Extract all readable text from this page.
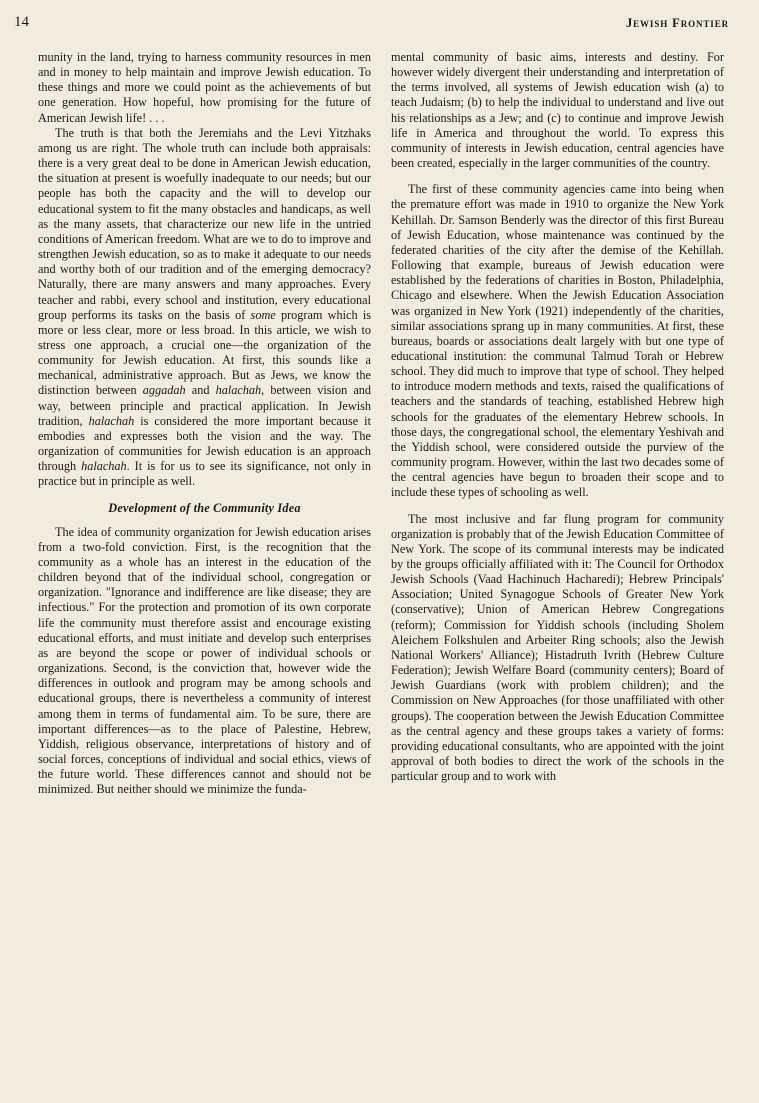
14	Jewish Frontier

munity in the land, trying to harness community resources in men and in money to help maintain and improve Jewish education. To these things and more we could point as the achievements of but one generation. How hopeful, how promising for the future of American Jewish life! . . .

The truth is that both the Jeremiahs and the Levi Yitzhaks among us are right. The whole truth can include both appraisals: there is a very great deal to be done in American Jewish education, the situation at present is woefully inadequate to our needs; but our people has both the capacity and the will to develop our educational system to fit the many obstacles and handicaps, as well as the many assets, that characterize our new life in the untried conditions of American freedom. What are we to do to improve and strengthen Jewish education, so as to make it adequate to our needs and worthy both of our tradition and of the emerging democracy? Naturally, there are many answers and many approaches. Every teacher and rabbi, every school and institution, every educational group performs its tasks on the basis of some program which is more or less clear, more or less broad. In this article, we wish to stress one approach, a crucial one—the organization of the community for Jewish education. At first, this sounds like a mechanical, administrative approach. But as Jews, we know the distinction between aggadah and halachah, between vision and way, between principle and practical application. In Jewish tradition, halachah is considered the more important because it embodies and expresses both the vision and the way. The organization of communities for Jewish education is an approach through halachah. It is for us to see its significance, not only in practice but in principle as well.

Development of the Community Idea

The idea of community organization for Jewish education arises from a two-fold conviction. First, is the recognition that the community as a whole has an interest in the education of the children beyond that of the individual school, congregation or organization. "Ignorance and indifference are like disease; they are infectious." For the protection and promotion of its own corporate life the community must therefore assist and encourage existing educational efforts, and must initiate and develop such enterprises as are beyond the scope or power of individual schools or organizations. Second, is the conviction that, however wide the differences in outlook and program may be among schools and educational groups, there is nevertheless a community of interest among them in terms of fundamental aim. To be sure, there are important differences—as to the place of Palestine, Hebrew, Yiddish, religious observance, interpretations of history and of social forces, conceptions of individual and social ethics, views of the future world. These differences cannot and should not be minimized. But neither should we minimize the funda-

mental community of basic aims, interests and destiny. For however widely divergent their understanding and interpretation of the terms involved, all systems of Jewish education wish (a) to teach Judaism; (b) to help the individual to understand and live out his relationships as a Jew; and (c) to continue and improve Jewish life in America and throughout the world. To express this community of interests in Jewish education, central agencies have been created, especially in the larger communities of the country.

The first of these community agencies came into being when the premature effort was made in 1910 to organize the New York Kehillah. Dr. Samson Benderly was the director of this first Bureau of Jewish Education, whose maintenance was continued by the federated charities of the city after the demise of the Kehillah. Following that example, bureaus of Jewish education were established by the federations of charities in Boston, Philadelphia, Chicago and elsewhere. When the Jewish Education Association was organized in New York (1921) independently of the charities, similar associations sprang up in many communities. At first, these bureaus, boards or associations dealt largely with but one type of educational institution: the communal Talmud Torah or Hebrew school. They did much to improve that type of school. They helped to introduce modern methods and texts, raised the qualifications of teachers and the standards of teaching, established Hebrew high schools for the graduates of the elementary Hebrew schools. In those days, the congregational school, the elementary Yeshivah and the Yiddish school, were considered outside the purview of the community program. However, within the last two decades some of the central agencies have begun to broaden their scope and to include these types of schooling as well.

The most inclusive and far flung program for community organization is probably that of the Jewish Education Committee of New York. The scope of its communal interests may be indicated by the groups officially affiliated with it: The Council for Orthodox Jewish Schools (Vaad Hachinuch Hacharedi); Hebrew Principals' Association; United Synagogue Schools of Greater New York (conservative); Union of American Hebrew Congregations (reform); Commission for Yiddish schools (including Sholem Aleichem Folkshulen and Arbeiter Ring schools; also the Jewish National Workers' Alliance); Histadruth Ivrith (Hebrew Culture Federation); Jewish Welfare Board (community centers); Board of Jewish Guardians (work with problem children); and the Commission on New Approaches (for those unaffiliated with other groups). The cooperation between the Jewish Education Committee as the central agency and these groups takes a variety of forms: providing educational consultants, who are appointed with the joint approval of both bodies to direct the work of the schools in the particular group and to work with
